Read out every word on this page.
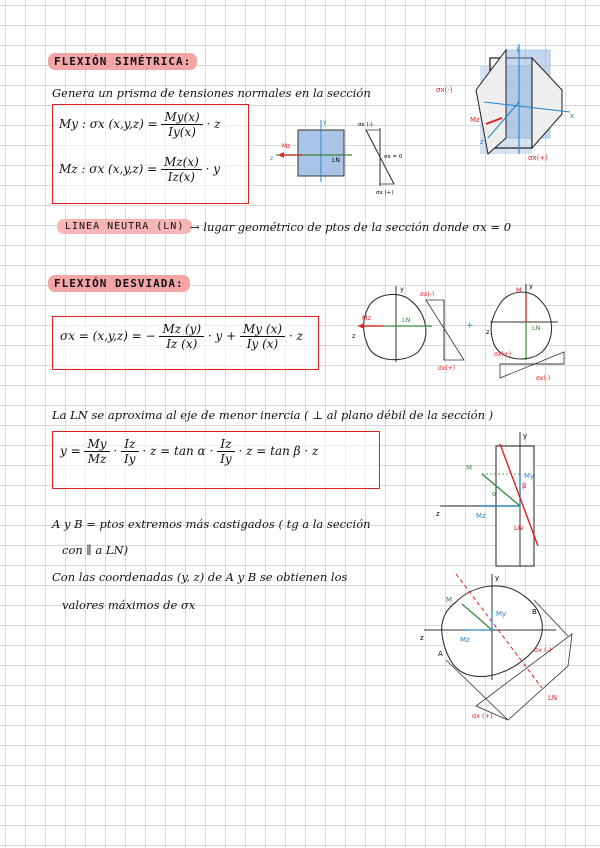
FLEXIÓN SIMÉTRICA:
Genera un prisma de tensiones normales en la sección
My : σx $(x,y,z) = \frac{My(x)}{Iy(x)} \cdot z$
Mz : σx $(x,y,z) = \frac{Mz(x)}{Iz(x)} \cdot y$
Mz
z
y
LN
σx (-)
σx = 0
σx (+)
y
x
z
Mz
σx(-)
σx(+)
LINEA NEUTRA (LN) → lugar geométrico de ptos de la sección donde σx = 0
FLEXIÓN DESVIADA:
σx = (x,y,z) = − $\frac{Mz (y)}{Iz (x)} \cdot y + \frac{My (x)}{Iy (x)} \cdot z$
y
z
Mz	LN
σx(-)
σx(+)
+
y
z
M
LN
σx(+)
σx(-)
La LN se aproxima al eje de menor inercia ( ⊥ al plano débil de la sección )
$y = \frac{My}{Mz} \cdot \frac{Iz}{Iy} \cdot z = \tan \alpha \cdot \frac{Iz}{Iy} \cdot z = \tan \beta \cdot z$
y
z
M
My
Mz
α
β
LN
A y B = ptos extremos más castigados ( tg a la sección
con ∥ a LN)
Con las coordenadas (y, z) de A y B se obtienen los
valores máximos de σx
y
z
M
My
Mz
A
B
LN
σx (-)
σx (+)
